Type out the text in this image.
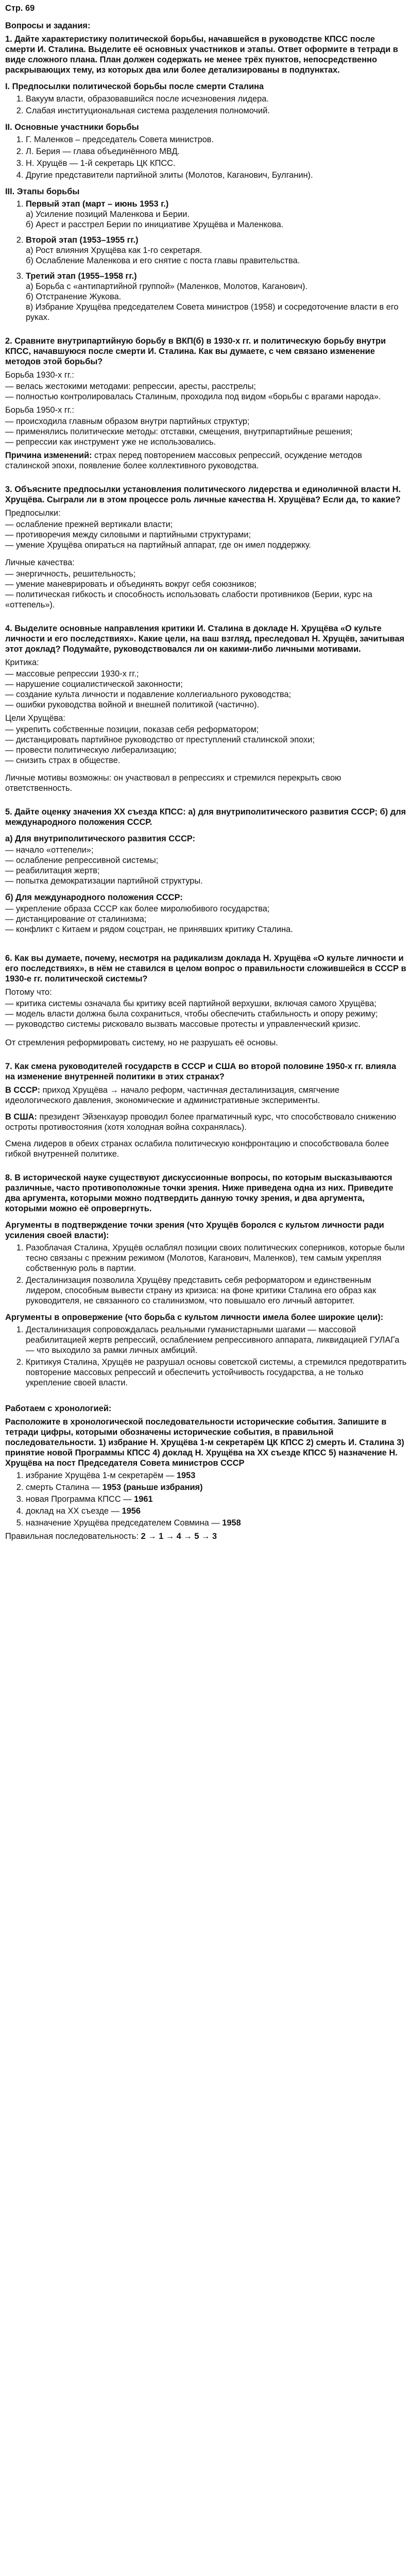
Стр. 69
Вопросы и задания:
1. Дайте характеристику политической борьбы, начавшейся в руководстве КПСС после смерти И. Сталина. Выделите её основных участников и этапы. Ответ оформите в тетради в виде сложного плана. План должен содержать не менее трёх пунктов, непосредственно раскрывающих тему, из которых два или более детализированы в подпунктах.
I. Предпосылки политической борьбы после смерти Сталина
1. Вакуум власти, образовавшийся после исчезновения лидера.
2. Слабая институциональная система разделения полномочий.
II. Основные участники борьбы
1. Г. Маленков – председатель Совета министров.
2. Л. Берия — глава объединённого МВД.
3. Н. Хрущёв — 1-й секретарь ЦК КПСС.
4. Другие представители партийной элиты (Молотов, Каганович, Булганин).
III. Этапы борьбы
1. Первый этап (март – июнь 1953 г.)
а) Усиление позиций Маленкова и Берии.
б) Арест и расстрел Берии по инициативе Хрущёва и Маленкова.
2. Второй этап (1953–1955 гг.)
а) Рост влияния Хрущёва как 1-го секретаря.
б) Ослабление Маленкова и его снятие с поста главы правительства.
3. Третий этап (1955–1958 гг.)
а) Борьба с «антипартийной группой» (Маленков, Молотов, Каганович).
б) Отстранение Жукова.
в) Избрание Хрущёва председателем Совета министров (1958) и сосредоточение власти в его руках.
2. Сравните внутрипартийную борьбу в ВКП(б) в 1930-х гг. и политическую борьбу внутри КПСС, начавшуюся после смерти И. Сталина. Как вы думаете, с чем связано изменение методов этой борьбы?
Борьба 1930-х гг.:
— велась жестокими методами: репрессии, аресты, расстрелы;
— полностью контролировалась Сталиным, проходила под видом «борьбы с врагами народа».
Борьба 1950-х гг.:
— происходила главным образом внутри партийных структур;
— применялись политические методы: отставки, смещения, внутрипартийные решения;
— репрессии как инструмент уже не использовались.
Причина изменений: страх перед повторением массовых репрессий, осуждение методов сталинской эпохи, появление более коллективного руководства.
3. Объясните предпосылки установления политического лидерства и единоличной власти Н. Хрущёва. Сыграли ли в этом процессе роль личные качества Н. Хрущёва? Если да, то какие?
Предпосылки:
— ослабление прежней вертикали власти;
— противоречия между силовыми и партийными структурами;
— умение Хрущёва опираться на партийный аппарат, где он имел поддержку.
Личные качества:
— энергичность, решительность;
— умение маневрировать и объединять вокруг себя союзников;
— политическая гибкость и способность использовать слабости противников (Берии, курс на «оттепель»).
4. Выделите основные направления критики И. Сталина в докладе Н. Хрущёва «О культе личности и его последствиях». Какие цели, на ваш взгляд, преследовал Н. Хрущёв, зачитывая этот доклад? Подумайте, руководствовался ли он какими-либо личными мотивами.
Критика:
— массовые репрессии 1930-х гг.;
— нарушение социалистической законности;
— создание культа личности и подавление коллегиального руководства;
— ошибки руководства войной и внешней политикой (частично).
Цели Хрущёва:
— укрепить собственные позиции, показав себя реформатором;
— дистанцировать партийное руководство от преступлений сталинской эпохи;
— провести политическую либерализацию;
— снизить страх в обществе.
Личные мотивы возможны: он участвовал в репрессиях и стремился перекрыть свою ответственность.
5. Дайте оценку значения XX съезда КПСС: а) для внутриполитического развития СССР; б) для международного положения СССР.
а) Для внутриполитического развития СССР:
— начало «оттепели»;
— ослабление репрессивной системы;
— реабилитация жертв;
— попытка демократизации партийной структуры.
б) Для международного положения СССР:
— укрепление образа СССР как более миролюбивого государства;
— дистанцирование от сталинизма;
— конфликт с Китаем и рядом соцстран, не принявших критику Сталина.
6. Как вы думаете, почему, несмотря на радикализм доклада Н. Хрущёва «О культе личности и его последствиях», в нём не ставился в целом вопрос о правильности сложившейся в СССР в 1930-е гг. политической системы?
Потому что:
— критика системы означала бы критику всей партийной верхушки, включая самого Хрущёва;
— модель власти должна была сохраниться, чтобы обеспечить стабильность и опору режиму;
— руководство системы рисковало вызвать массовые протесты и управленческий кризис.
От стремления реформировать систему, но не разрушать её основы.
7. Как смена руководителей государств в СССР и США во второй половине 1950-х гг. влияла на изменение внутренней политики в этих странах?
В СССР: приход Хрущёва → начало реформ, частичная десталинизация, смягчение идеологического давления, экономические и административные эксперименты.
В США: президент Эйзенхауэр проводил более прагматичный курс, что способствовало снижению остроты противостояния (хотя холодная война сохранялась).
Смена лидеров в обеих странах ослабила политическую конфронтацию и способствовала более гибкой внутренней политике.
8. В исторической науке существуют дискуссионные вопросы, по которым высказываются различные, часто противоположные точки зрения. Ниже приведена одна из них. Приведите два аргумента, которыми можно подтвердить данную точку зрения, и два аргумента, которыми можно её опровергнуть.
Аргументы в подтверждение точки зрения (что Хрущёв боролся с культом личности ради усиления своей власти):
1. Разоблачая Сталина, Хрущёв ослаблял позиции своих политических соперников, которые были тесно связаны с прежним режимом (Молотов, Каганович, Маленков), тем самым укрепляя собственную роль в партии.
2. Десталинизация позволила Хрущёву представить себя реформатором и единственным лидером, способным вывести страну из кризиса: на фоне критики Сталина его образ как руководителя, не связанного со сталинизмом, что повышало его личный авторитет.
Аргументы в опровержение (что борьба с культом личности имела более широкие цели):
1. Десталинизация сопровождалась реальными гуманистарными шагами — массовой реабилитацией жертв репрессий, ослаблением репрессивного аппарата, ликвидацией ГУЛАГа — что выходило за рамки личных амбиций.
2. Критикуя Сталина, Хрущёв не разрушал основы советской системы, а стремился предотвратить повторение массовых репрессий и обеспечить устойчивость государства, а не только укрепление своей власти.
Работаем с хронологией:
Расположите в хронологической последовательности исторические события. Запишите в тетради цифры, которыми обозначены исторические события, в правильной последовательности. 1) избрание Н. Хрущёва 1-м секретарём ЦК КПСС 2) смерть И. Сталина 3) принятие новой Программы КПСС 4) доклад Н. Хрущёва на XX съезде КПСС 5) назначение Н. Хрущёва на пост Председателя Совета министров СССР
1. избрание Хрущёва 1-м секретарём — 1953
2. смерть Сталина — 1953 (раньше избрания)
3. новая Программа КПСС — 1961
4. доклад на XX съезде — 1956
5. назначение Хрущёва председателем Совмина — 1958
Правильная последовательность: 2 → 1 → 4 → 5 → 3
